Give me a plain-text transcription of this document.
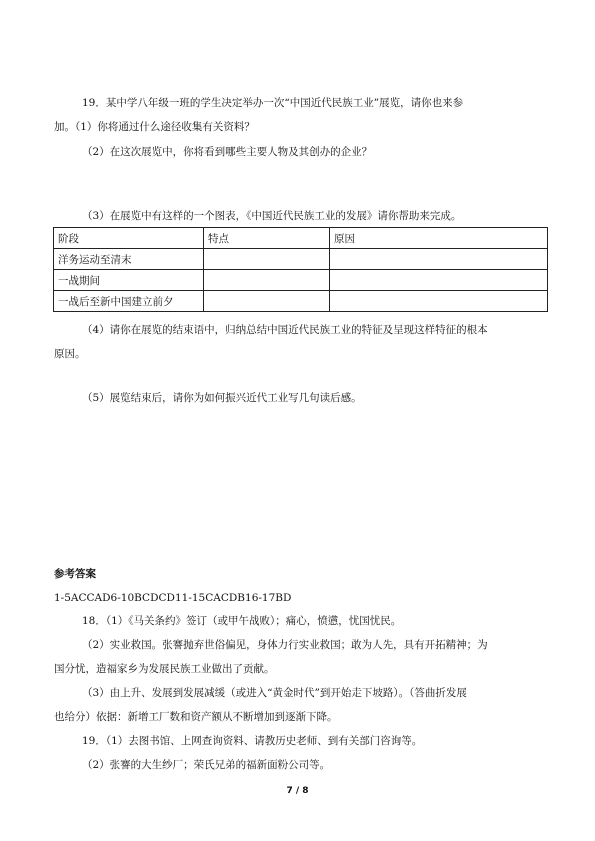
19．某中学八年级一班的学生决定举办一次“中国近代民族工业”展览，请你也来参
加。（1）你将通过什么途径收集有关资料？
（2）在这次展览中，你将看到哪些主要人物及其创办的企业？
（3）在展览中有这样的一个图表，《中国近代民族工业的发展》请你帮助来完成。
阶段	特点	原因
洋务运动至清末		
一战期间		
一战后至新中国建立前夕		
（4）请你在展览的结束语中，归纳总结中国近代民族工业的特征及呈现这样特征的根本
原因。
（5）展览结束后，请你为如何振兴近代工业写几句读后感。
参考答案
1-5ACCAD6-10BCDCD11-15CACDB16-17BD
18．（1）《马关条约》签订（或甲午战败）；痛心，愤懑，忧国忧民。
（2）实业救国。张謇抛弃世俗偏见，身体力行实业救国；敢为人先，具有开拓精神；为
国分忧，造福家乡为发展民族工业做出了贡献。
（3）由上升、发展到发展减缓（或进入“黄金时代”到开始走下坡路）。（答曲折发展
也给分）依据：新增工厂数和资产额从不断增加到逐渐下降。
19．（1）去图书馆、上网查询资料、请教历史老师、到有关部门咨询等。
（2）张謇的大生纱厂；荣氏兄弟的福新面粉公司等。
7 / 8
